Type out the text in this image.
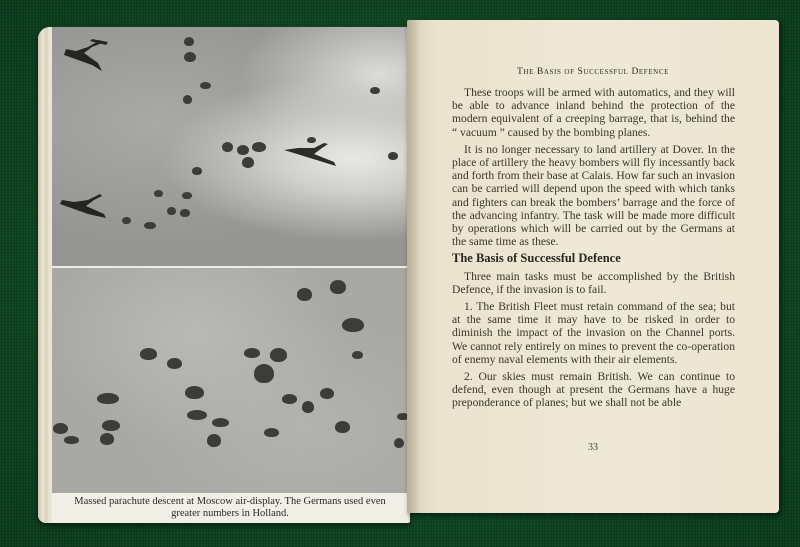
Massed parachute descent at Moscow air-display. The Germans used even
greater numbers in Holland.
The Basis of Successful Defence

These troops will be armed with automatics, and they will be able to advance inland behind the protection of the modern equivalent of a creeping barrage, that is, behind the “ vacuum ” caused by the bombing planes.

It is no longer necessary to land artillery at Dover. In the place of artillery the heavy bombers will fly incessantly back and forth from their base at Calais. How far such an invasion can be carried will depend upon the speed with which tanks and fighters can break the bombers’ barrage and the force of the advancing infantry. The task will be made more difficult by operations which will be carried out by the Germans at the same time as these.

The Basis of Successful Defence

Three main tasks must be accomplished by the British Defence, if the invasion is to fail.

1. The British Fleet must retain command of the sea; but at the same time it may have to be risked in order to diminish the impact of the invasion on the Channel ports. We cannot rely entirely on mines to prevent the co-operation of enemy naval elements with their air elements.

2. Our skies must remain British. We can continue to defend, even though at present the Germans have a huge preponderance of planes; but we shall not be able

33
